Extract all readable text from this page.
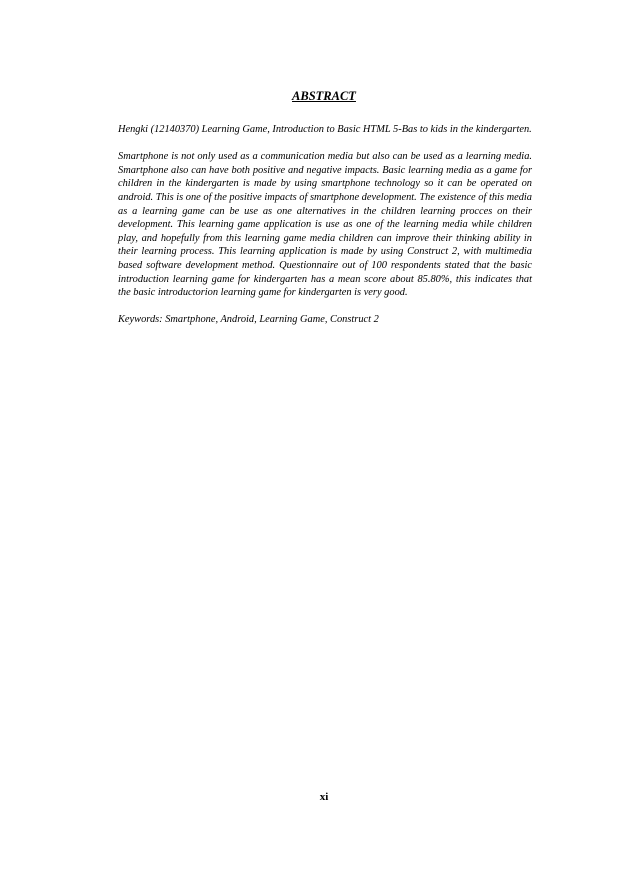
ABSTRACT

Hengki (12140370) Learning Game, Introduction to Basic HTML 5-Bas to kids in the kindergarten.

Smartphone is not only used as a communication media but also can be used as a learning media. Smartphone also can have both positive and negative impacts. Basic learning media as a game for children in the kindergarten is made by using smartphone technology so it can be operated on android. This is one of the positive impacts of smartphone development. The existence of this media as a learning game can be use as one alternatives in the children learning procces on their development. This learning game application is use as one of the learning media while children play, and hopefully from this learning game media children can improve their thinking ability in their learning process. This learning application is made by using Construct 2, with multimedia based software development method. Questionnaire out of 100 respondents stated that the basic introduction learning game for kindergarten has a mean score about 85.80%, this indicates that the basic introductorion learning game for kindergarten is very good.

Keywords: Smartphone, Android, Learning Game, Construct 2

xi
